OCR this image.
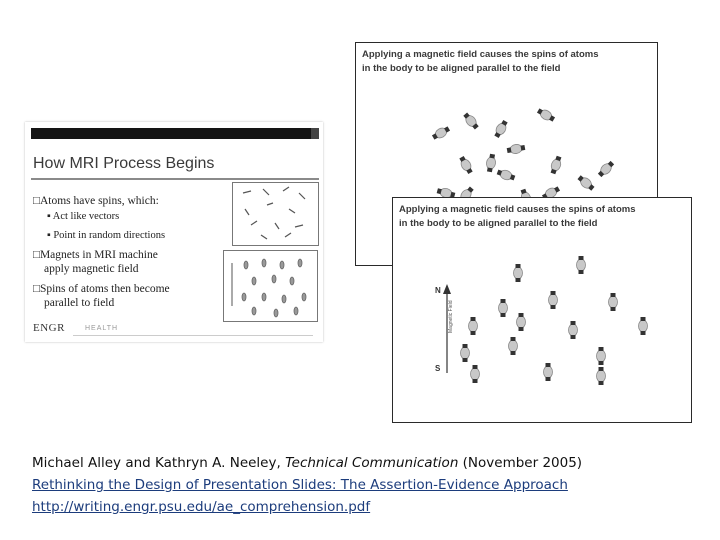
How MRI Process Begins
□Atoms have spins, which:
▪ Act like vectors
▪ Point in random directions
□Magnets in MRI machine
apply magnetic field
□Spins of atoms then become
parallel to field
ENGR	HEALTH
Applying a magnetic field causes the spins of atoms
in the body to be aligned parallel to the field
Applying a magnetic field causes the spins of atoms
in the body to be aligned parallel to the field
N
S
Magnetic Field
Michael Alley and Kathryn A. Neeley, Technical Communication (November 2005)
Rethinking the Design of Presentation Slides: The Assertion-Evidence Approach
http://writing.engr.psu.edu/ae_comprehension.pdf
